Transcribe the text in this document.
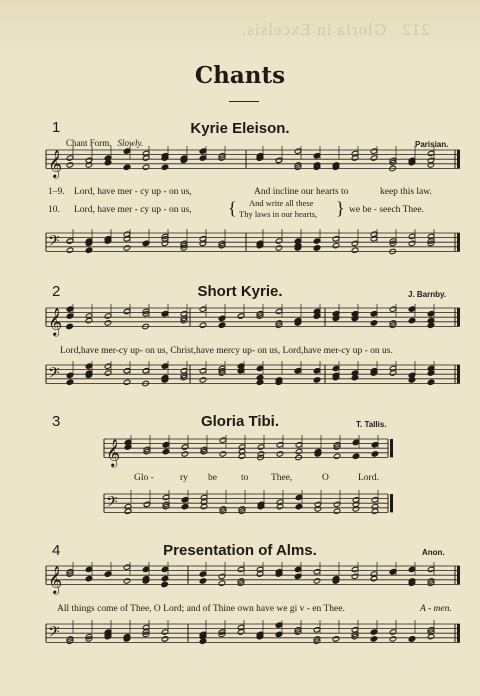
212 Gloria in Excelsis.
Chants
1	Kyrie Eleison.
Chant Form. Slowly.	Parisian.
𝄞
1–9. Lord, have mer - cy up - on us,	And incline our hearts to	keep this law.
10. Lord, have mer - cy up - on us, { And write all these
Thy laws in our hearts, } we be - seech Thee.
𝄢
2	Short Kyrie.	J. Barnby.
𝄞
Lord,have mer-cy up- on us, Christ,have mercy up- on us, Lord,have mer-cy up - on us.
𝄢
3	Gloria Tibi.	T. Tallis.
𝄞
Glo -	ry be	to Thee,	O	Lord.
𝄢
4	Presentation of Alms.	Anon.
𝄞
All things come of Thee, O Lord; and of Thine own have we gi v - en Thee.	A - men.
𝄢
